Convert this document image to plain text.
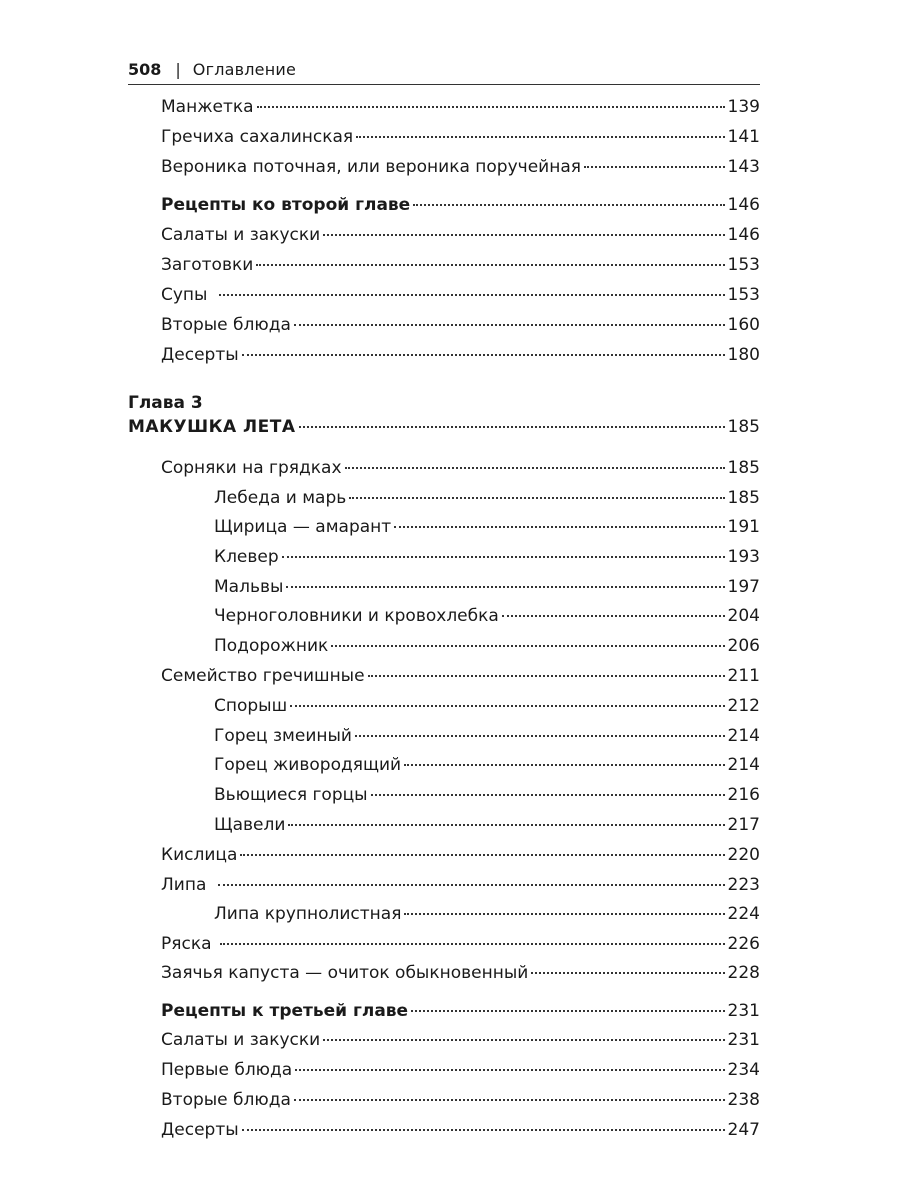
508 | Оглавление
Манжетка	139
Гречиха сахалинская	141
Вероника поточная, или вероника поручейная	143
Рецепты ко второй главе	146
Салаты и закуски	146
Заготовки	153
Супы	153
Вторые блюда	160
Десерты	180
Глава 3
МАКУШКА ЛЕТА	185
Сорняки на грядках	185
Лебеда и марь	185
Щирица — амарант	191
Клевер	193
Мальвы	197
Черноголовники и кровохлебка	204
Подорожник	206
Семейство гречишные	211
Спорыш	212
Горец змеиный	214
Горец живородящий	214
Вьющиеся горцы	216
Щавели	217
Кислица	220
Липа	223
Липа крупнолистная	224
Ряска	226
Заячья капуста — очиток обыкновенный	228
Рецепты к третьей главе	231
Салаты и закуски	231
Первые блюда	234
Вторые блюда	238
Десерты	247
